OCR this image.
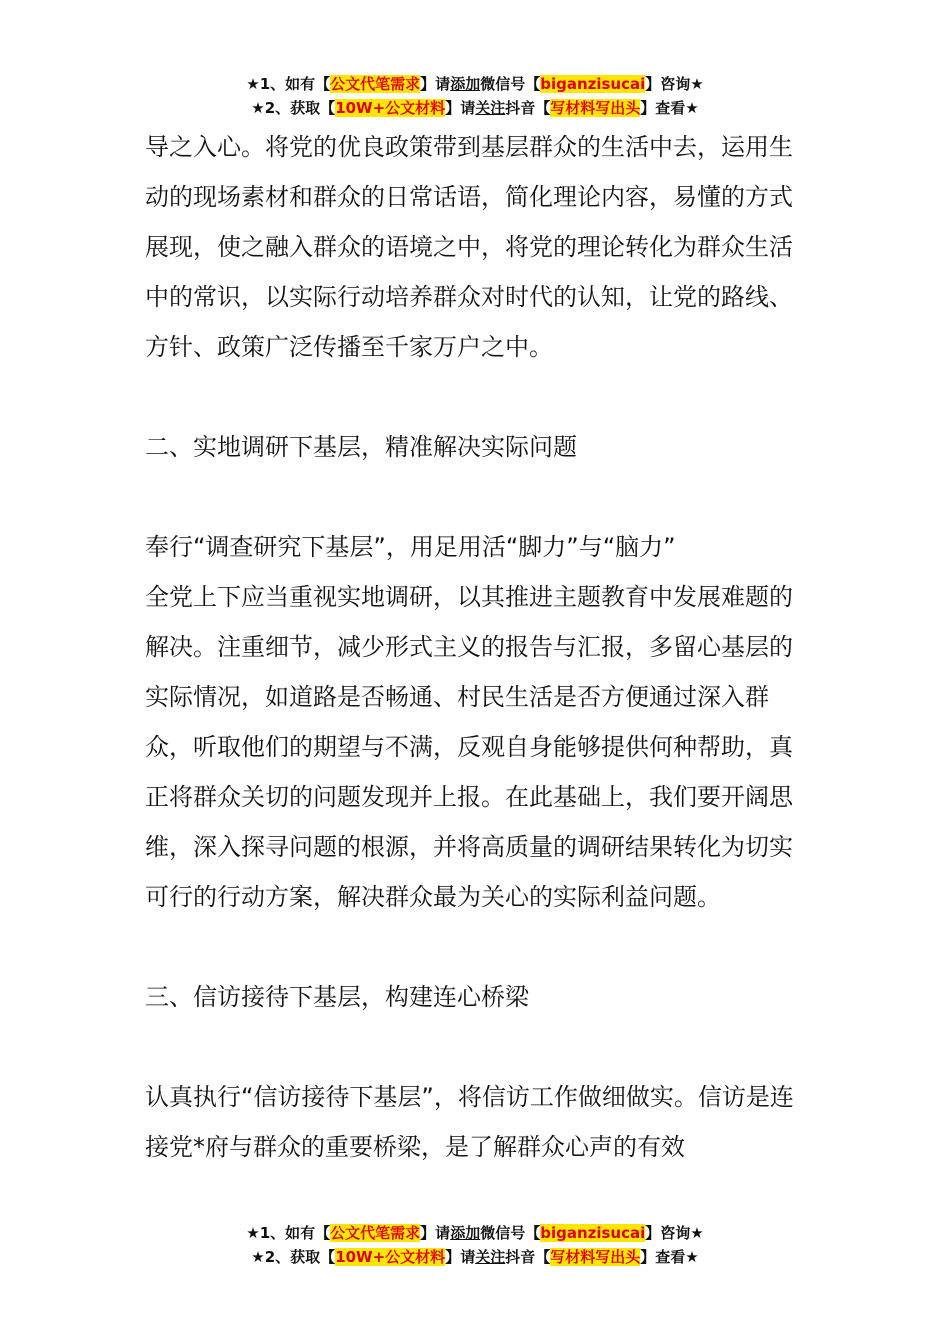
★1、如有【公文代笔需求】请添加微信号【biganzisucai】咨询★
★2、获取【10W+公文材料】请关注抖音【写材料写出头】查看★

导之入心。将党的优良政策带到基层群众的生活中去，运用生动的现场素材和群众的日常话语，简化理论内容，易懂的方式展现，使之融入群众的语境之中，将党的理论转化为群众生活中的常识，以实际行动培养群众对时代的认知，让党的路线、方针、政策广泛传播至千家万户之中。

二、实地调研下基层，精准解决实际问题

奉行“调查研究下基层”，用足用活“脚力”与“脑力”

全党上下应当重视实地调研，以其推进主题教育中发展难题的解决。注重细节，减少形式主义的报告与汇报，多留心基层的实际情况，如道路是否畅通、村民生活是否方便通过深入群众，听取他们的期望与不满，反观自身能够提供何种帮助，真正将群众关切的问题发现并上报。在此基础上，我们要开阔思维，深入探寻问题的根源，并将高质量的调研结果转化为切实可行的行动方案，解决群众最为关心的实际利益问题。

三、信访接待下基层，构建连心桥梁

认真执行“信访接待下基层”，将信访工作做细做实。信访是连接党*府与群众的重要桥梁，是了解群众心声的有效

★1、如有【公文代笔需求】请添加微信号【biganzisucai】咨询★
★2、获取【10W+公文材料】请关注抖音【写材料写出头】查看★
